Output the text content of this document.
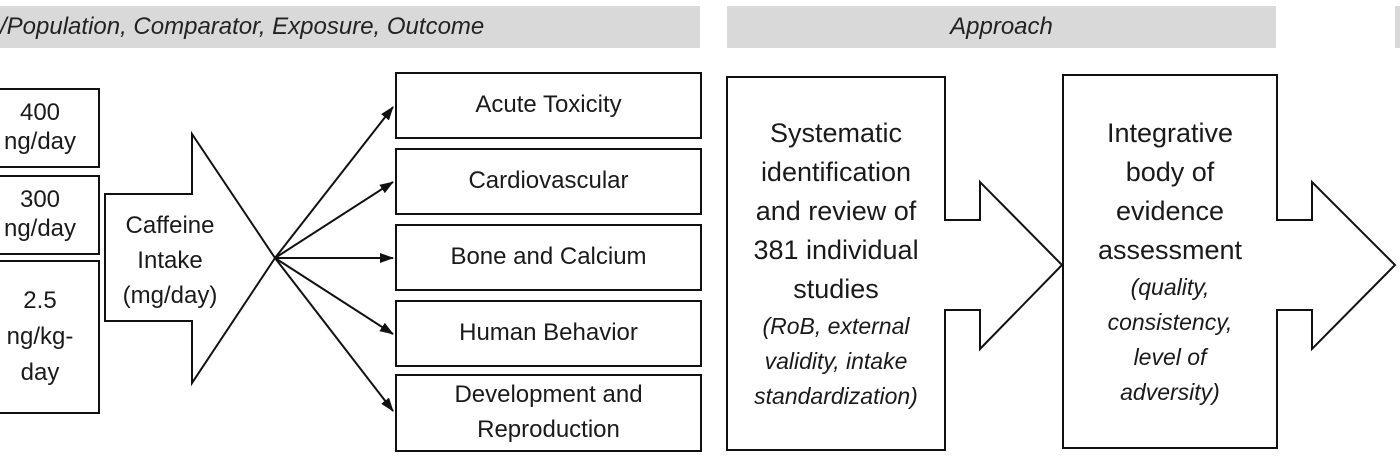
/Population, Comparator, Exposure, Outcome	Approach
400
ng/day
300
ng/day
2.5
ng/kg-
day
Caffeine
Intake
(mg/day)
Acute Toxicity
Cardiovascular
Bone and Calcium
Human Behavior
Development and
Reproduction
Systematic
identification
and review of
381 individual
studies
(RoB, external
validity, intake
standardization)
Integrative
body of
evidence
assessment
(quality,
consistency,
level of
adversity)
